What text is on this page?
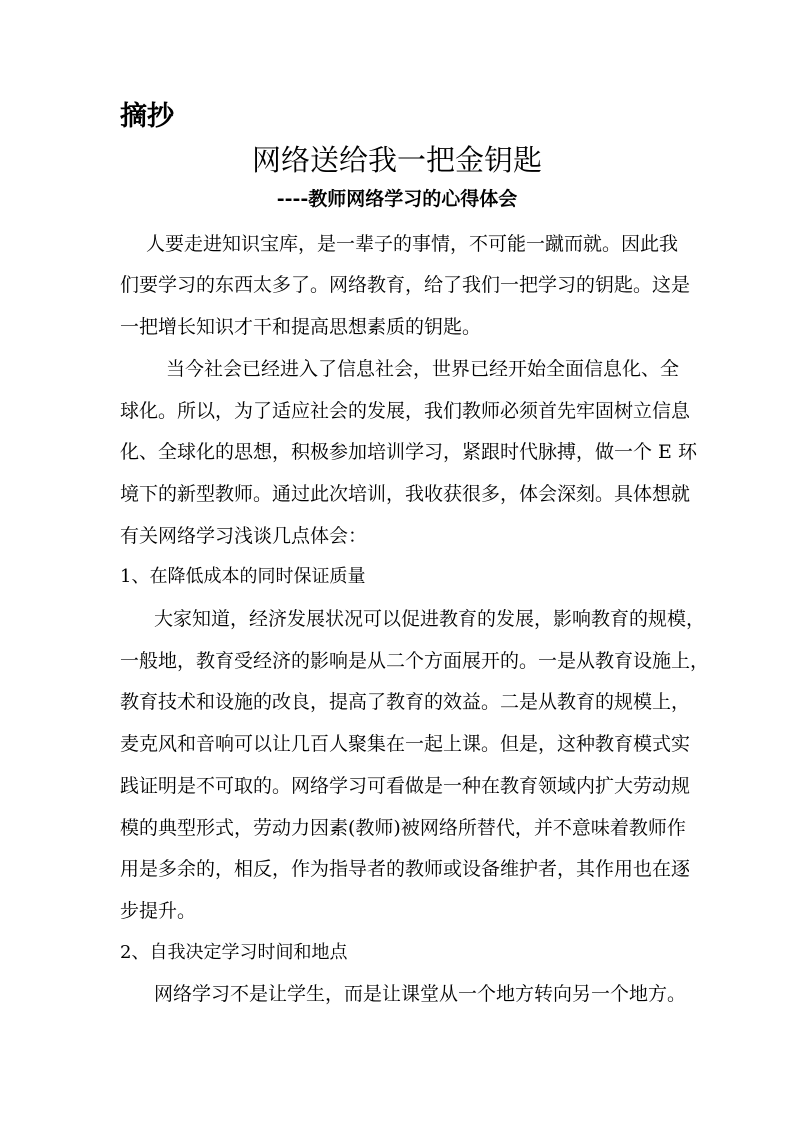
摘抄
网络送给我一把金钥匙
----教师网络学习的心得体会
人要走进知识宝库，是一辈子的事情，不可能一蹴而就。因此我
们要学习的东西太多了。网络教育，给了我们一把学习的钥匙。这是
一把增长知识才干和提高思想素质的钥匙。
当今社会已经进入了信息社会，世界已经开始全面信息化、全
球化。所以，为了适应社会的发展，我们教师必须首先牢固树立信息
化、全球化的思想，积极参加培训学习，紧跟时代脉搏，做一个 E 环
境下的新型教师。通过此次培训，我收获很多，体会深刻。具体想就
有关网络学习浅谈几点体会：
1、在降低成本的同时保证质量
大家知道，经济发展状况可以促进教育的发展，影响教育的规模，
一般地，教育受经济的影响是从二个方面展开的。一是从教育设施上，
教育技术和设施的改良，提高了教育的效益。二是从教育的规模上，
麦克风和音响可以让几百人聚集在一起上课。但是，这种教育模式实
践证明是不可取的。网络学习可看做是一种在教育领域内扩大劳动规
模的典型形式，劳动力因素(教师)被网络所替代，并不意味着教师作
用是多余的，相反，作为指导者的教师或设备维护者，其作用也在逐
步提升。
2、自我决定学习时间和地点
网络学习不是让学生，而是让课堂从一个地方转向另一个地方。
